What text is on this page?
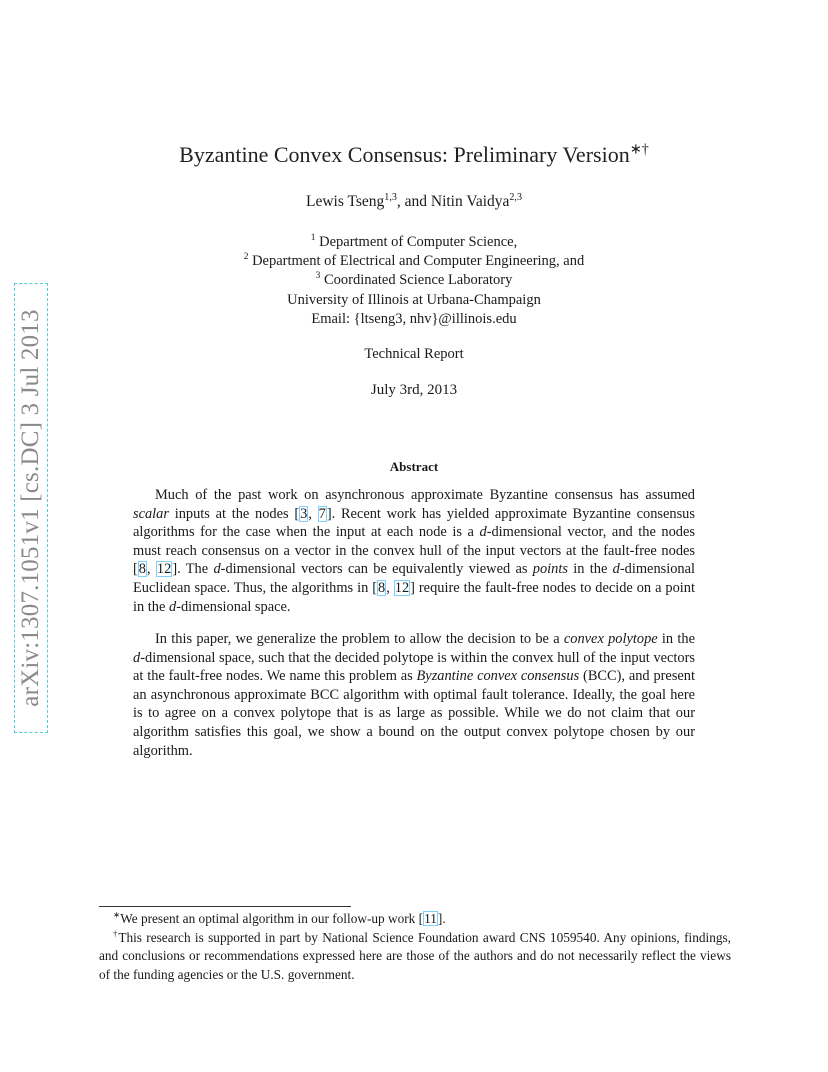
arXiv:1307.1051v1 [cs.DC] 3 Jul 2013
Byzantine Convex Consensus: Preliminary Version∗†
Lewis Tseng$^{1,3}$, and Nitin Vaidya$^{2,3}$
$^1$ Department of Computer Science,
$^2$ Department of Electrical and Computer Engineering, and
$^3$ Coordinated Science Laboratory
University of Illinois at Urbana-Champaign
Email: {ltseng3, nhv}@illinois.edu
Technical Report
July 3rd, 2013
Abstract

Much of the past work on asynchronous approximate Byzantine consensus has assumed scalar inputs at the nodes [3, 7]. Recent work has yielded approximate Byzantine consensus algorithms for the case when the input at each node is a d-dimensional vector, and the nodes must reach consensus on a vector in the convex hull of the input vectors at the fault-free nodes [8, 12]. The d-dimensional vectors can be equivalently viewed as points in the d-dimensional Euclidean space. Thus, the algorithms in [8, 12] require the fault-free nodes to decide on a point in the d-dimensional space.

In this paper, we generalize the problem to allow the decision to be a convex polytope in the d-dimensional space, such that the decided polytope is within the convex hull of the input vectors at the fault-free nodes. We name this problem as Byzantine convex consensus (BCC), and present an asynchronous approximate BCC algorithm with optimal fault tolerance. Ideally, the goal here is to agree on a convex polytope that is as large as possible. While we do not claim that our algorithm satisfies this goal, we show a bound on the output convex polytope chosen by our algorithm.

∗We present an optimal algorithm in our follow-up work [11].

†This research is supported in part by National Science Foundation award CNS 1059540. Any opinions, findings, and conclusions or recommendations expressed here are those of the authors and do not necessarily reflect the views of the funding agencies or the U.S. government.
